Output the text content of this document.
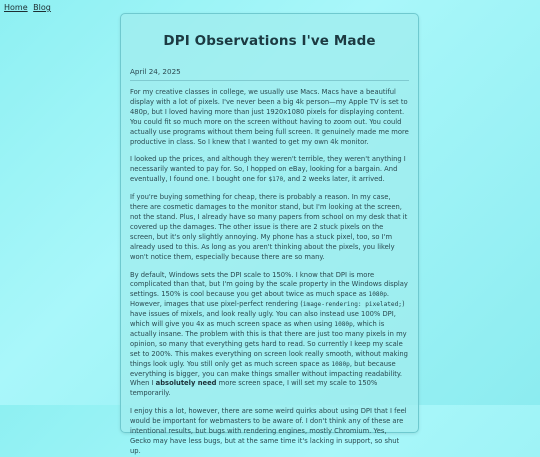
Home Blog
DPI Observations I've Made
April 24, 2025

For my creative classes in college, we usually use Macs. Macs have a beautiful display with a lot of pixels. I've never been a big 4k person—my Apple TV is set to 480p, but I loved having more than just 1920x1080 pixels for displaying content. You could fit so much more on the screen without having to zoom out. You could actually use programs without them being full screen. It genuinely made me more productive in class. So I knew that I wanted to get my own 4k monitor.

I looked up the prices, and although they weren't terrible, they weren't anything I necessarily wanted to pay for. So, I hopped on eBay, looking for a bargain. And eventually, I found one. I bought one for $170, and 2 weeks later, it arrived.

If you're buying something for cheap, there is probably a reason. In my case, there are cosmetic damages to the monitor stand, but I'm looking at the screen, not the stand. Plus, I already have so many papers from school on my desk that it covered up the damages. The other issue is there are 2 stuck pixels on the screen, but it's only slightly annoying. My phone has a stuck pixel, too, so I'm already used to this. As long as you aren't thinking about the pixels, you likely won't notice them, especially because there are so many.

By default, Windows sets the DPI scale to 150%. I know that DPI is more complicated than that, but I'm going by the scale property in the Windows display settings. 150% is cool because you get about twice as much space as 1080p. However, images that use pixel-perfect rendering (image-rendering: pixelated;) have issues of mixels, and look really ugly. You can also instead use 100% DPI, which will give you 4x as much screen space as when using 1080p, which is actually insane. The problem with this is that there are just too many pixels in my opinion, so many that everything gets hard to read. So currently I keep my scale set to 200%. This makes everything on screen look really smooth, without making things look ugly. You still only get as much screen space as 1080p, but because everything is bigger, you can make things smaller without impacting readability. When I absolutely need more screen space, I will set my scale to 150% temporarily.

I enjoy this a lot, however, there are some weird quirks about using DPI that I feel would be important for webmasters to be aware of. I don't think any of these are intentional results, but bugs with rendering engines, mostly Chromium. Yes, Gecko may have less bugs, but at the same time it's lacking in support, so shut up.
